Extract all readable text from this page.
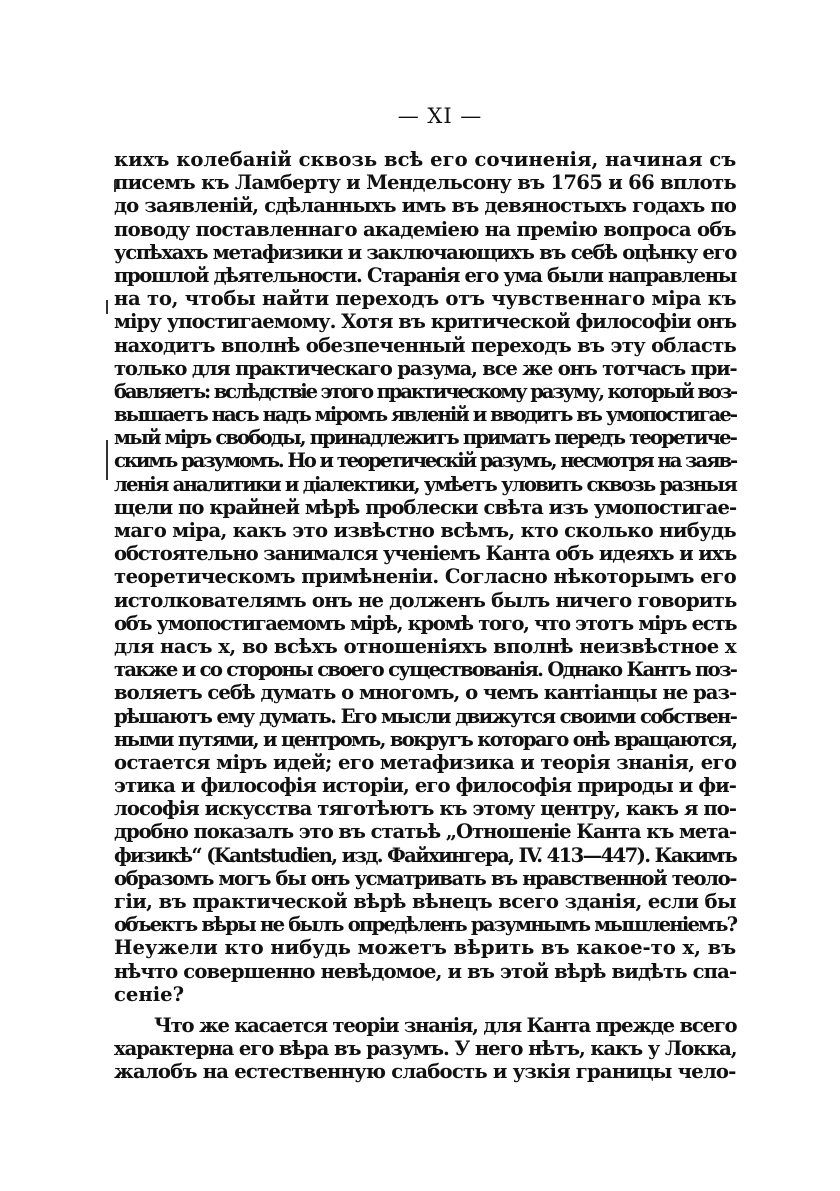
— XI —
кихъ колебаній сквозь всѣ его сочиненія, начиная съ
писемъ къ Ламберту и Мендельсону въ 1765 и 66 вплоть
до заявленій, сдѣланныхъ имъ въ девяностыхъ годахъ по
поводу поставленнаго академіею на премію вопроса объ
успѣхахъ метафизики и заключающихъ въ себѣ оцѣнку его
прошлой дѣятельности. Старанія его ума были направлены
на то, чтобы найти переходъ отъ чувственнаго міра къ
міру упостигаемому. Хотя въ критической философіи онъ
находитъ вполнѣ обезпеченный переходъ въ эту область
только для практическаго разума, все же онъ тотчасъ при-
бавляетъ: вслѣдствіе этого практическому разуму, который воз-
вышаетъ насъ надъ міромъ явленій и вводитъ въ умопостигае-
мый міръ свободы, принадлежитъ приматъ передъ теоретиче-
скимъ разумомъ. Но и теоретическій разумъ, несмотря на заяв-
ленія аналитики и діалектики, умѣетъ уловить сквозь разныя
щели по крайней мѣрѣ проблески свѣта изъ умопостигае-
маго міра, какъ это извѣстно всѣмъ, кто сколько нибудь
обстоятельно занимался ученіемъ Канта объ идеяхъ и ихъ
теоретическомъ примѣненіи. Согласно нѣкоторымъ его
истолкователямъ онъ не долженъ былъ ничего говорить
объ умопостигаемомъ мірѣ, кромѣ того, что этотъ міръ есть
для насъ x, во всѣхъ отношеніяхъ вполнѣ неизвѣстное x
также и со стороны своего существованія. Однако Кантъ поз-
воляетъ себѣ думать о многомъ, о чемъ кантіанцы не раз-
рѣшаютъ ему думать. Его мысли движутся своими собствен-
ными путями, и центромъ, вокругъ котораго онѣ вращаются,
остается міръ идей; его метафизика и теорія знанія, его
этика и философія исторіи, его философія природы и фи-
лософія искусства тяготѣютъ къ этому центру, какъ я по-
дробно показалъ это въ статьѣ „Отношеніе Канта къ мета-
физикѣ“ (Kantstudien, изд. Файхингера, IV. 413—447). Какимъ
образомъ могъ бы онъ усматривать въ нравственной теоло-
гіи, въ практической вѣрѣ вѣнецъ всего зданія, если бы
объектъ вѣры не былъ опредѣленъ разумнымъ мышленіемъ?
Неужели кто нибудь можетъ вѣрить въ какое-то x, въ
нѣчто совершенно невѣдомое, и въ этой вѣрѣ видѣть спа-
сеніе?
Что же касается теоріи знанія, для Канта прежде всего
характерна его вѣра въ разумъ. У него нѣтъ, какъ у Локка,
жалобъ на естественную слабость и узкія границы чело-
